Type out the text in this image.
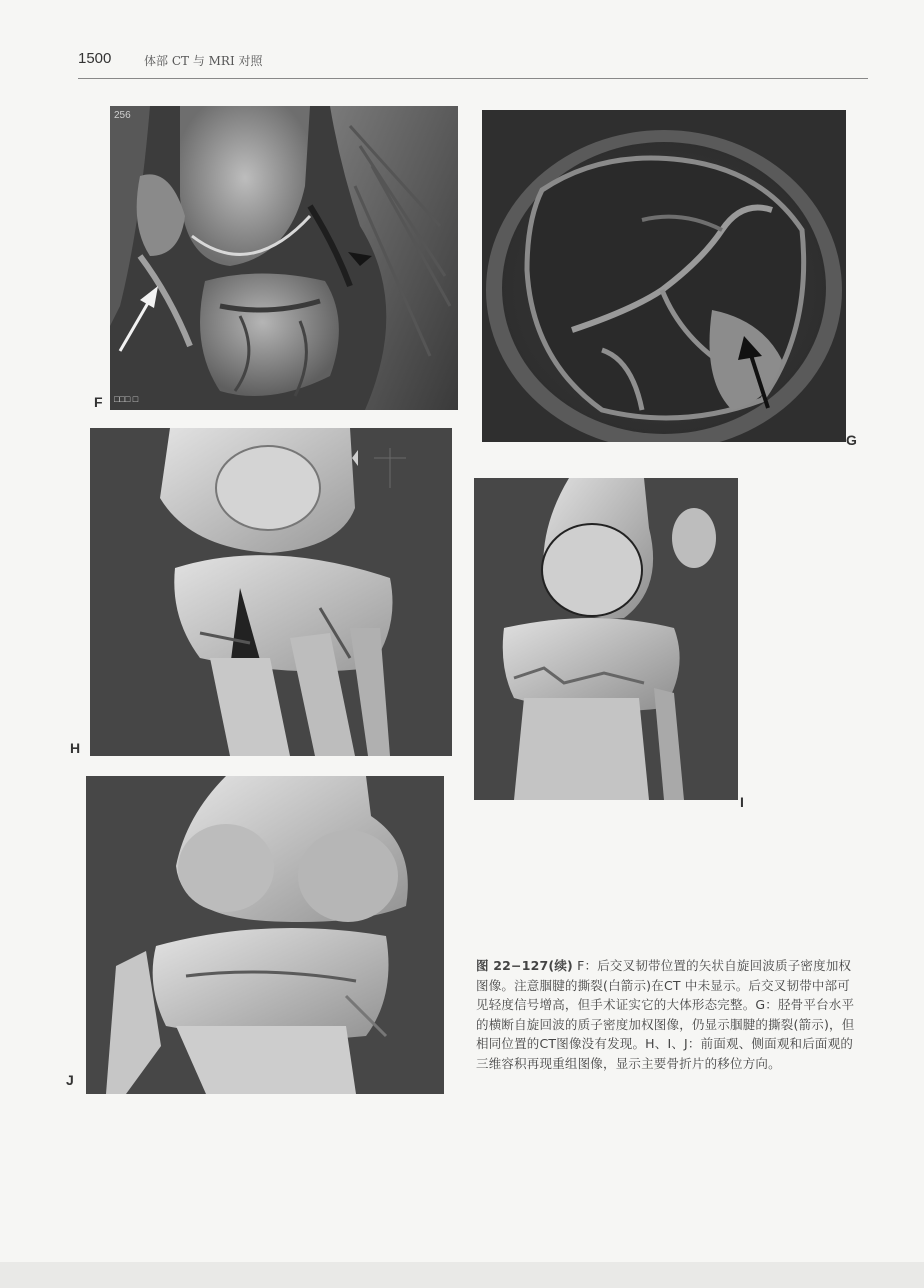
1500	体部 CT 与 MRI 对照
256
□□□ □
F
G
H
I
J
图 22−127(续) F：后交叉韧带位置的矢状自旋回波质子密度加权图像。注意腘腱的撕裂(白箭示)在CT 中未显示。后交叉韧带中部可见轻度信号增高，但手术证实它的大体形态完整。G：胫骨平台水平的横断自旋回波的质子密度加权图像，仍显示腘腱的撕裂(箭示)，但相同位置的CT图像没有发现。H、I、J：前面观、侧面观和后面观的三维容积再现重组图像，显示主要骨折片的移位方向。
